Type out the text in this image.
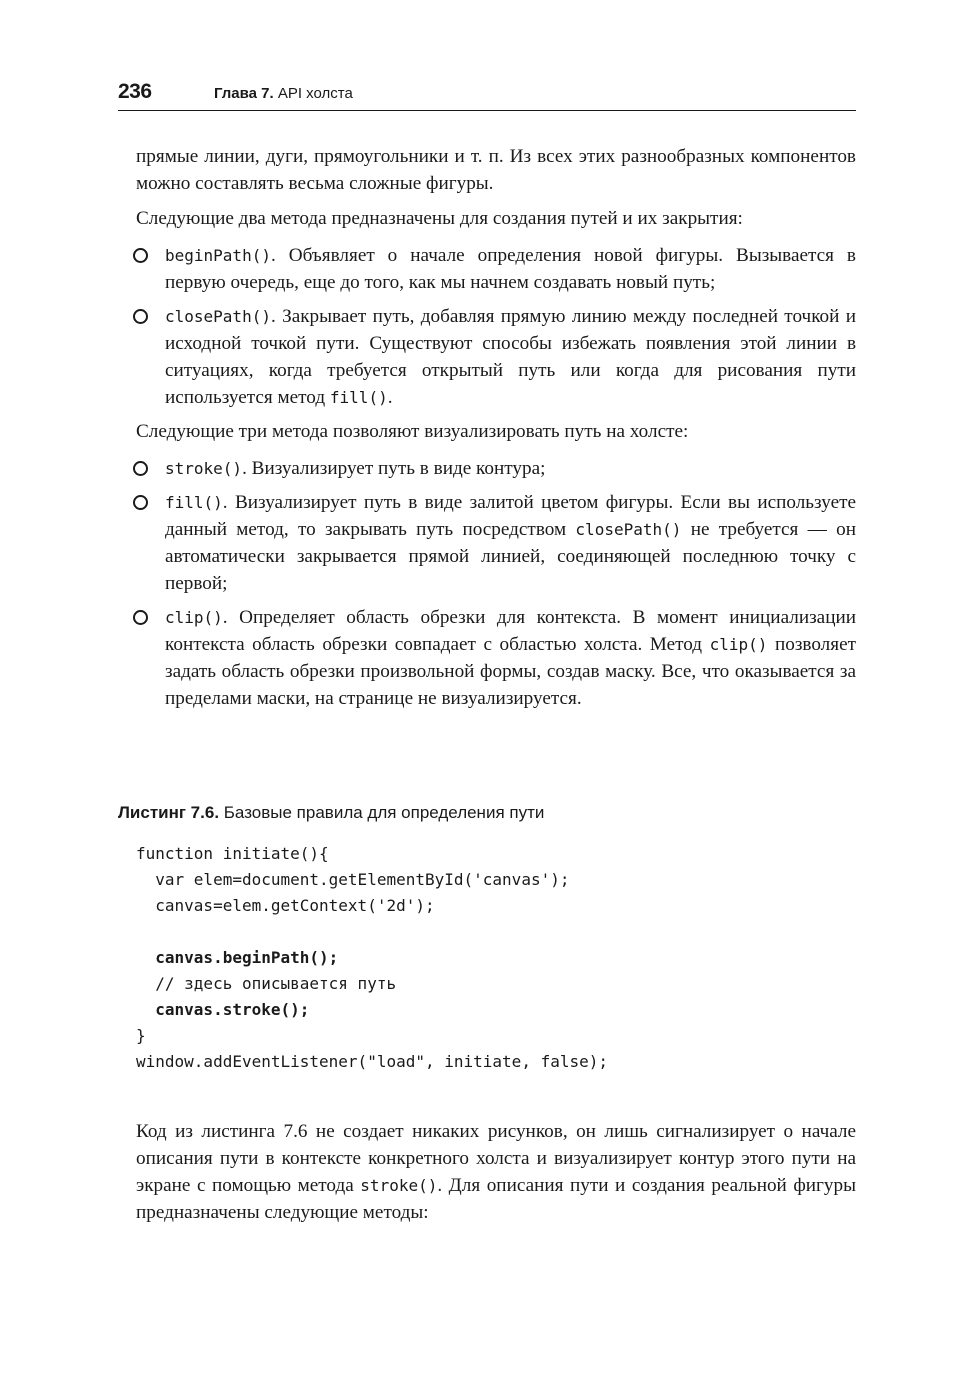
236	Глава 7. API холста

прямые линии, дуги, прямоугольники и т. п. Из всех этих разнообразных компонентов можно составлять весьма сложные фигуры.

Следующие два метода предназначены для создания путей и их закрытия:

beginPath(). Объявляет о начале определения новой фигуры. Вызывается в первую очередь, еще до того, как мы начнем создавать новый путь;
closePath(). Закрывает путь, добавляя прямую линию между последней точкой и исходной точкой пути. Существуют способы избежать появления этой линии в ситуациях, когда требуется открытый путь или когда для рисования пути используется метод fill().

Следующие три метода позволяют визуализировать путь на холсте:

stroke(). Визуализирует путь в виде контура;
fill(). Визуализирует путь в виде залитой цветом фигуры. Если вы используете данный метод, то закрывать путь посредством closePath() не требуется — он автоматически закрывается прямой линией, соединяющей последнюю точку с первой;
clip(). Определяет область обрезки для контекста. В момент инициализации контекста область обрезки совпадает с областью холста. Метод clip() позволяет задать область обрезки произвольной формы, создав маску. Все, что оказывается за пределами маски, на странице не визуализируется.
Листинг 7.6. Базовые правила для определения пути
function initiate(){
var elem=document.getElementById('canvas');
canvas=elem.getContext('2d');
canvas.beginPath();
// здесь описывается путь
canvas.stroke();
}
window.addEventListener("load", initiate, false);

Код из листинга 7.6 не создает никаких рисунков, он лишь сигнализирует о начале описания пути в контексте конкретного холста и визуализирует контур этого пути на экране с помощью метода stroke(). Для описания пути и создания реальной фигуры предназначены следующие методы:
